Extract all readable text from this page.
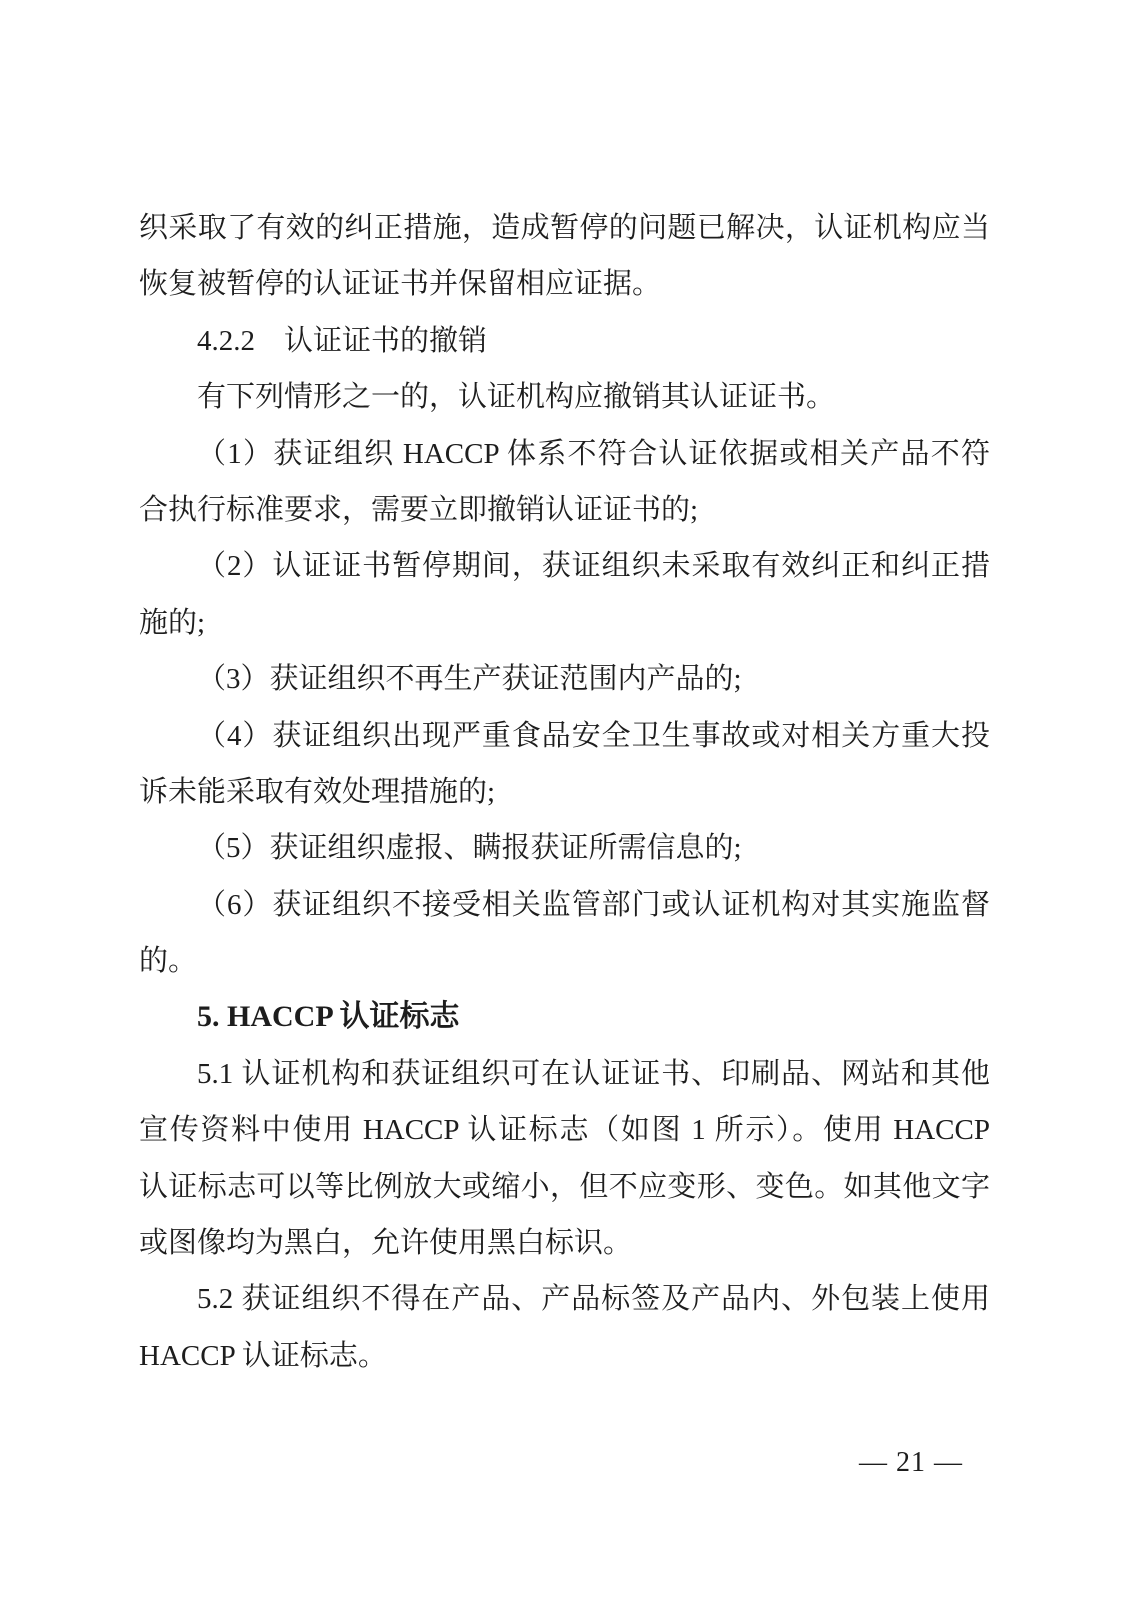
织采取了有效的纠正措施，造成暂停的问题已解决，认证机构应当
恢复被暂停的认证证书并保留相应证据。
4.2.2 认证证书的撤销
有下列情形之一的，认证机构应撤销其认证证书。
（1）获证组织 HACCP 体系不符合认证依据或相关产品不符
合执行标准要求，需要立即撤销认证证书的;
（2）认证证书暂停期间，获证组织未采取有效纠正和纠正措
施的;
（3）获证组织不再生产获证范围内产品的;
（4）获证组织出现严重食品安全卫生事故或对相关方重大投
诉未能采取有效处理措施的;
（5）获证组织虚报、瞒报获证所需信息的;
（6）获证组织不接受相关监管部门或认证机构对其实施监督
的。
5. HACCP 认证标志
5.1 认证机构和获证组织可在认证证书、印刷品、网站和其他
宣传资料中使用 HACCP 认证标志（如图 1 所示）。使用 HACCP
认证标志可以等比例放大或缩小，但不应变形、变色。如其他文字
或图像均为黑白，允许使用黑白标识。
5.2 获证组织不得在产品、产品标签及产品内、外包装上使用
HACCP 认证标志。
— 21 —
